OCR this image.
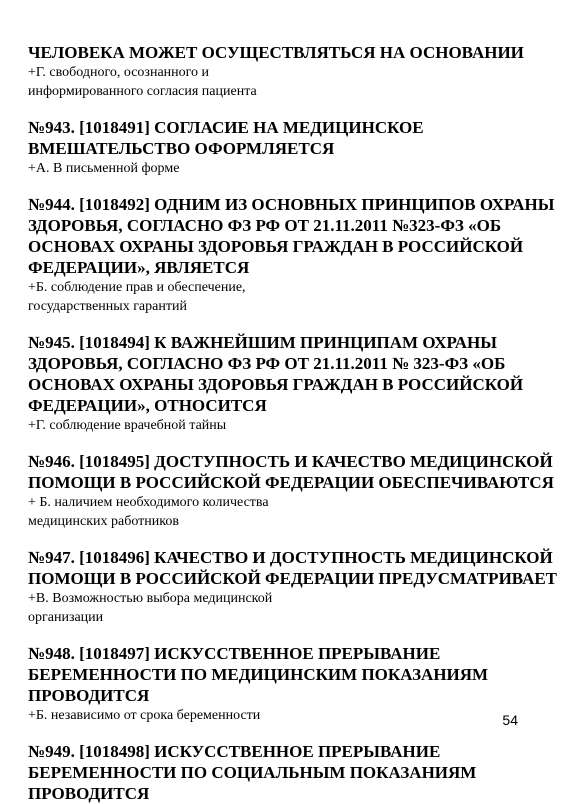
ЧЕЛОВЕКА МОЖЕТ ОСУЩЕСТВЛЯТЬСЯ НА ОСНОВАНИИ
+Г. свободного, осознанного и
информированного согласия пациента
№943. [1018491] СОГЛАСИЕ НА МЕДИЦИНСКОЕ
ВМЕШАТЕЛЬСТВО ОФОРМЛЯЕТСЯ
+А. В письменной форме
№944. [1018492] ОДНИМ ИЗ ОСНОВНЫХ ПРИНЦИПОВ ОХРАНЫ
ЗДОРОВЬЯ, СОГЛАСНО ФЗ РФ ОТ 21.11.2011 №323-ФЗ «ОБ
ОСНОВАХ ОХРАНЫ ЗДОРОВЬЯ ГРАЖДАН В РОССИЙСКОЙ
ФЕДЕРАЦИИ», ЯВЛЯЕТСЯ
+Б. соблюдение прав и обеспечение,
государственных гарантий
№945. [1018494] К ВАЖНЕЙШИМ ПРИНЦИПАМ ОХРАНЫ
ЗДОРОВЬЯ, СОГЛАСНО ФЗ РФ ОТ 21.11.2011 № 323-ФЗ «ОБ
ОСНОВАХ ОХРАНЫ ЗДОРОВЬЯ ГРАЖДАН В РОССИЙСКОЙ
ФЕДЕРАЦИИ», ОТНОСИТСЯ
+Г. соблюдение врачебной тайны
№946. [1018495] ДОСТУПНОСТЬ И КАЧЕСТВО МЕДИЦИНСКОЙ
ПОМОЩИ В РОССИЙСКОЙ ФЕДЕРАЦИИ ОБЕСПЕЧИВАЮТСЯ
+ Б. наличием необходимого количества
медицинских работников
№947. [1018496] КАЧЕСТВО И ДОСТУПНОСТЬ МЕДИЦИНСКОЙ
ПОМОЩИ В РОССИЙСКОЙ ФЕДЕРАЦИИ ПРЕДУСМАТРИВАЕТ
+В. Возможностью выбора медицинской
организации
№948. [1018497] ИСКУССТВЕННОЕ ПРЕРЫВАНИЕ
БЕРЕМЕННОСТИ ПО МЕДИЦИНСКИМ ПОКАЗАНИЯМ
ПРОВОДИТСЯ
+Б. независимо от срока беременности
№949. [1018498] ИСКУССТВЕННОЕ ПРЕРЫВАНИЕ
БЕРЕМЕННОСТИ ПО СОЦИАЛЬНЫМ ПОКАЗАНИЯМ
ПРОВОДИТСЯ
54
